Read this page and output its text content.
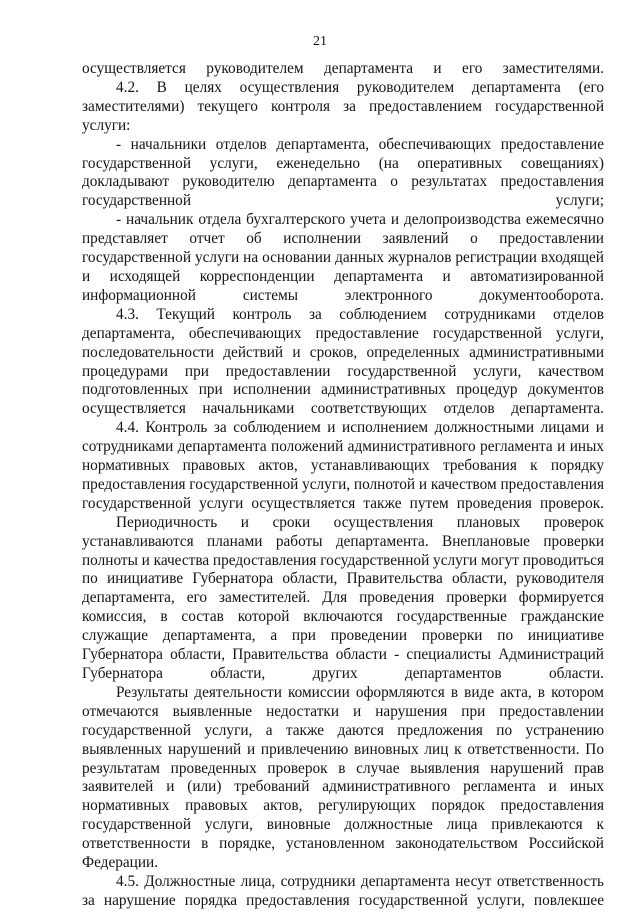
21
осуществляется руководителем департамента и его заместителями.
4.2. В целях осуществления руководителем департамента (его
заместителями) текущего контроля за предоставлением государственной
услуги:
- начальники отделов департамента, обеспечивающих предоставление
государственной услуги, еженедельно (на оперативных совещаниях)
докладывают руководителю департамента о результатах предоставления
государственной услуги;
- начальник отдела бухгалтерского учета и делопроизводства ежемесячно
представляет отчет об исполнении заявлений о предоставлении
государственной услуги на основании данных журналов регистрации входящей
и исходящей корреспонденции департамента и автоматизированной
информационной системы электронного документооборота.
4.3. Текущий контроль за соблюдением сотрудниками отделов
департамента, обеспечивающих предоставление государственной услуги,
последовательности действий и сроков, определенных административными
процедурами при предоставлении государственной услуги, качеством
подготовленных при исполнении административных процедур документов
осуществляется начальниками соответствующих отделов департамента.
4.4. Контроль за соблюдением и исполнением должностными лицами и
сотрудниками департамента положений административного регламента и иных
нормативных правовых актов, устанавливающих требования к порядку
предоставления государственной услуги, полнотой и качеством предоставления
государственной услуги осуществляется также путем проведения проверок.
Периодичность и сроки осуществления плановых проверок
устанавливаются планами работы департамента. Внеплановые проверки
полноты и качества предоставления государственной услуги могут проводиться
по инициативе Губернатора области, Правительства области, руководителя
департамента, его заместителей. Для проведения проверки формируется
комиссия, в состав которой включаются государственные гражданские
служащие департамента, а при проведении проверки по инициативе
Губернатора области, Правительства области - специалисты Администраций
Губернатора области, других департаментов области.
Результаты деятельности комиссии оформляются в виде акта, в котором
отмечаются выявленные недостатки и нарушения при предоставлении
государственной услуги, а также даются предложения по устранению
выявленных нарушений и привлечению виновных лиц к ответственности. По
результатам проведенных проверок в случае выявления нарушений прав
заявителей и (или) требований административного регламента и иных
нормативных правовых актов, регулирующих порядок предоставления
государственной услуги, виновные должностные лица привлекаются к
ответственности в порядке, установленном законодательством Российской
Федерации.
4.5. Должностные лица, сотрудники департамента несут ответственность
за нарушение порядка предоставления государственной услуги, повлекшее
